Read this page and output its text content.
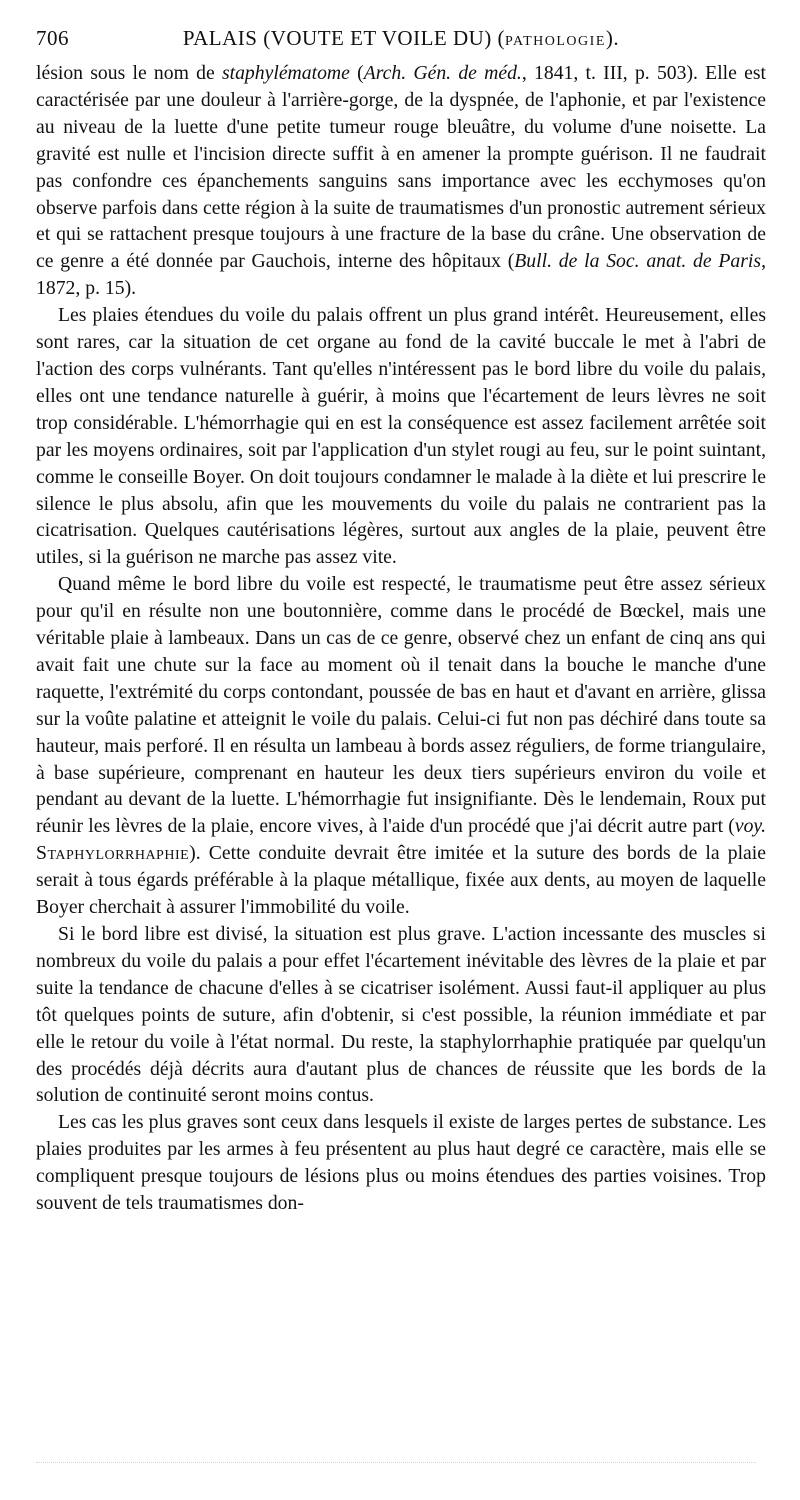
706	PALAIS (VOUTE ET VOILE DU) (PATHOLOGIE).

lésion sous le nom de staphylématome (Arch. Gén. de méd., 1841, t. III, p. 503). Elle est caractérisée par une douleur à l'arrière-gorge, de la dyspnée, de l'aphonie, et par l'existence au niveau de la luette d'une petite tumeur rouge bleuâtre, du volume d'une noisette. La gravité est nulle et l'incision directe suffit à en amener la prompte guérison. Il ne faudrait pas confondre ces épanchements sanguins sans importance avec les ecchymoses qu'on observe parfois dans cette région à la suite de traumatismes d'un pronostic autrement sérieux et qui se rattachent presque toujours à une fracture de la base du crâne. Une observation de ce genre a été donnée par Gauchois, interne des hôpitaux (Bull. de la Soc. anat. de Paris, 1872, p. 15).

Les plaies étendues du voile du palais offrent un plus grand intérêt. Heureusement, elles sont rares, car la situation de cet organe au fond de la cavité buccale le met à l'abri de l'action des corps vulnérants. Tant qu'elles n'intéressent pas le bord libre du voile du palais, elles ont une tendance naturelle à guérir, à moins que l'écartement de leurs lèvres ne soit trop considérable. L'hémorrhagie qui en est la conséquence est assez facilement arrêtée soit par les moyens ordinaires, soit par l'application d'un stylet rougi au feu, sur le point suintant, comme le conseille Boyer. On doit toujours condamner le malade à la diète et lui prescrire le silence le plus absolu, afin que les mouvements du voile du palais ne contrarient pas la cicatrisation. Quelques cautérisations légères, surtout aux angles de la plaie, peuvent être utiles, si la guérison ne marche pas assez vite.

Quand même le bord libre du voile est respecté, le traumatisme peut être assez sérieux pour qu'il en résulte non une boutonnière, comme dans le procédé de Bœckel, mais une véritable plaie à lambeaux. Dans un cas de ce genre, observé chez un enfant de cinq ans qui avait fait une chute sur la face au moment où il tenait dans la bouche le manche d'une raquette, l'extrémité du corps contondant, poussée de bas en haut et d'avant en arrière, glissa sur la voûte palatine et atteignit le voile du palais. Celui-ci fut non pas déchiré dans toute sa hauteur, mais perforé. Il en résulta un lambeau à bords assez réguliers, de forme triangulaire, à base supérieure, comprenant en hauteur les deux tiers supérieurs environ du voile et pendant au devant de la luette. L'hémorrhagie fut insignifiante. Dès le lendemain, Roux put réunir les lèvres de la plaie, encore vives, à l'aide d'un procédé que j'ai décrit autre part (voy. Staphylorrhaphie). Cette conduite devrait être imitée et la suture des bords de la plaie serait à tous égards préférable à la plaque métallique, fixée aux dents, au moyen de laquelle Boyer cherchait à assurer l'immobilité du voile.

Si le bord libre est divisé, la situation est plus grave. L'action incessante des muscles si nombreux du voile du palais a pour effet l'écartement inévitable des lèvres de la plaie et par suite la tendance de chacune d'elles à se cicatriser isolément. Aussi faut-il appliquer au plus tôt quelques points de suture, afin d'obtenir, si c'est possible, la réunion immédiate et par elle le retour du voile à l'état normal. Du reste, la staphylorrhaphie pratiquée par quelqu'un des procédés déjà décrits aura d'autant plus de chances de réussite que les bords de la solution de continuité seront moins contus.

Les cas les plus graves sont ceux dans lesquels il existe de larges pertes de substance. Les plaies produites par les armes à feu présentent au plus haut degré ce caractère, mais elle se compliquent presque toujours de lésions plus ou moins étendues des parties voisines. Trop souvent de tels traumatismes don-
